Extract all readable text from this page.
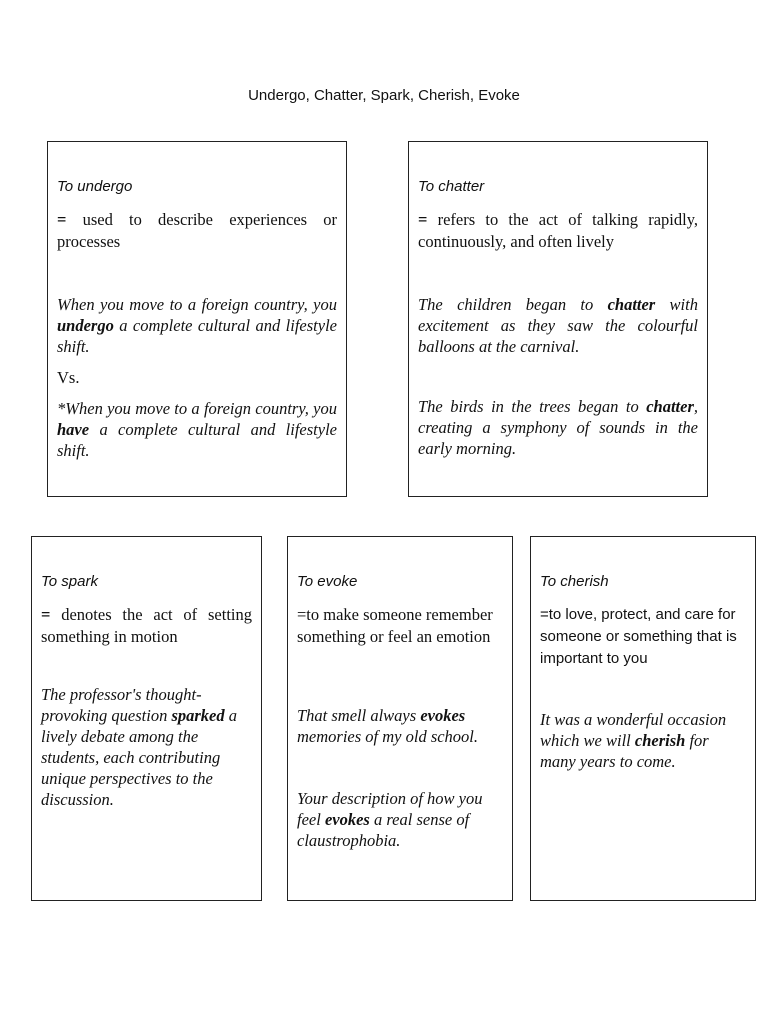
Undergo, Chatter, Spark, Cherish, Evoke

To undergo

= used to describe experiences or processes

When you move to a foreign country, you undergo a complete cultural and lifestyle shift.

Vs.

*When you move to a foreign country, you have a complete cultural and lifestyle shift.

To chatter

= refers to the act of talking rapidly, continuously, and often lively

The children began to chatter with excitement as they saw the colourful balloons at the carnival.

The birds in the trees began to chatter, creating a symphony of sounds in the early morning.

To spark

= denotes the act of setting something in motion

The professor's thought-provoking question sparked a lively debate among the students, each contributing unique perspectives to the discussion.

To evoke

=to make someone remember something or feel an emotion

That smell always evokes memories of my old school.

Your description of how you feel evokes a real sense of claustrophobia.

To cherish

=to love, protect, and care for someone or something that is important to you

It was a wonderful occasion which we will cherish for many years to come.
